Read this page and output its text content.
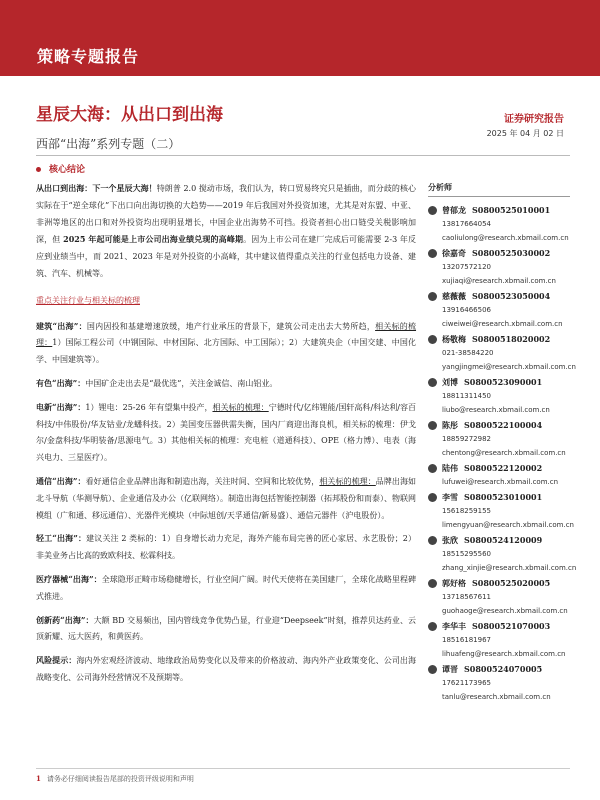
策略专题报告
星辰大海：从出口到出海
西部“出海”系列专题（二）
证券研究报告
2025 年 04 月 02 日
核心结论

从出口到出海：下一个星辰大海！特朗普 2.0 搅动市场，我们认为，转口贸易终究只是插曲，而分歧的核心实际在于“逆全球化”下出口向出海切换的大趋势——2019 年后我国对外投资加速，尤其是对东盟、中亚、非洲等地区的出口和对外投资均出现明显增长，中国企业出海势不可挡。投资者担心出口链受关税影响加深，但 2025 年起可能是上市公司出海业绩兑现的高峰期。因为上市公司在建厂完成后可能需要 2-3 年反应到业绩当中，而 2021、2023 年是对外投资的小高峰，其中建议值得重点关注的行业包括电力设备、建筑、汽车、机械等。

重点关注行业与相关标的梳理

建筑“出海”：国内因投和基建增速放缓，地产行业承压的背景下，建筑公司走出去大势所趋，相关标的梳理：1）国际工程公司（中钢国际、中材国际、北方国际、中工国际）；2）大建筑央企（中国交建、中国化学、中国建筑等）。

有色“出海”：中国矿企走出去是“最优选”，关注金诚信、南山铝业。

电新“出海”：1）锂电：25-26 年有望集中投产，相关标的梳理：宁德时代/亿纬锂能/国轩高科/科达利/容百科技/中伟股份/华友钴业/龙蟠科技。2）美国变压器供需失衡，国内厂商迎出海良机，相关标的梳理：伊戈尔/金盘科技/华明装备/思源电气。3）其他相关标的梳理：充电桩（道通科技）、OPE（格力博）、电表（海兴电力、三星医疗）。

通信“出海”：看好通信企业品牌出海和制造出海，关注时间、空间和比较优势，相关标的梳理：品牌出海如北斗导航（华测导航）、企业通信及办公（亿联网络）。制造出海包括智能控制器（拓邦股份和而泰）、物联网模组（广和通、移远通信）、光器件光模块（中际旭创/天孚通信/新易盛）、通信元器件（沪电股份）。

轻工“出海”：建议关注 2 类标的：1）自身增长动力充足，海外产能布局完善的匠心家居、永艺股份；2）非美业务占比高的致欧科技、松霖科技。

医疗器械“出海”：全球隐形正畸市场稳健增长，行业空间广阔。时代天使将在美国建厂，全球化战略里程碑式推进。

创新药“出海”：大额 BD 交易频出，国内管线竞争优势凸显，行业迎“Deepseek”时刻，推荐贝达药业、云顶新耀、远大医药，和黄医药。

风险提示：海内外宏观经济波动、地缘政治局势变化以及带来的价格波动、海内外产业政策变化、公司出海战略变化、公司海外经营情况不及预期等。

分析师
曾郁龙 S0800525010001
13817664054
caoliulong@research.xbmail.com.cn
徐嘉奇 S0800525030002
13207572120
xujiaqi@research.xbmail.com.cn
慈薇薇 S0800523050004
13916466506
ciweiwei@research.xbmail.com.cn
杨敬梅 S0800518020002
021-38584220
yangjingmei@research.xbmail.com.cn
刘博 S0800523090001
18811311450
liubo@research.xbmail.com.cn
陈彤 S0800522100004
18859272982
chentong@research.xbmail.com.cn
陆伟 S0800522120002
lufuwei@research.xbmail.com.cn
李雪 S0800523010001
15618259155
limengyuan@research.xbmail.com.cn
张欣 S0800524120009
18515295560
zhang_xinjie@research.xbmail.com.cn
郭好格 S0800525020005
13718567611
guohaoge@research.xbmail.com.cn
李华丰 S0800521070003
18516181967
lihuafeng@research.xbmail.com.cn
谭晋 S0800524070005
17621173965
tanlu@research.xbmail.com.cn
1 请务必仔细阅读报告尾部的投资评级说明和声明
